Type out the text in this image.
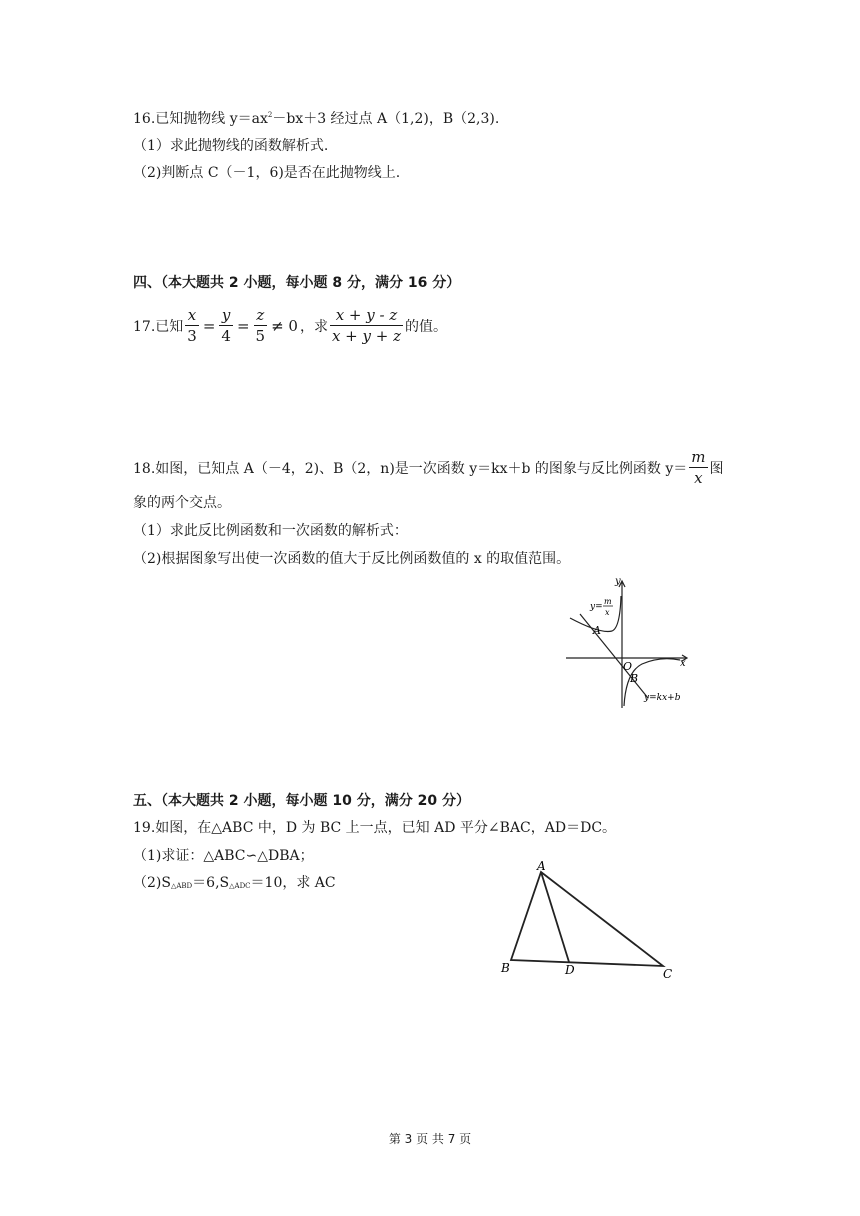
16.已知抛物线 $y=ax^2-bx+3$ 经过点 A（1,2)，B（2,3).
（1）求此抛物线的函数解析式.
（2)判断点 C（－1，6)是否在此抛物线上.
四、（本大题共 2 小题，每小题 8 分，满分 16 分）
17.已知 $\frac{x}{3} = \frac{y}{4} = \frac{z}{5} \ne 0$ ，求 $\frac{x + y - z}{x + y + z}$ 的值。
18.如图，已知点 A（－4，2)、B（2，n)是一次函数 y＝kx＋b 的图象与反比例函数 $y= \frac{m}{x}$ 图
象的两个交点。
（1）求此反比例函数和一次函数的解析式：
（2)根据图象写出使一次函数的值大于反比例函数值的 x 的取值范围。
y
x
O
A
B
y=
m
x
y=kx+b
五、（本大题共 2 小题，每小题 10 分，满分 20 分）
19.如图，在△ABC 中，D 为 BC 上一点，已知 AD 平分∠BAC，AD＝DC。
（1)求证：△ABC∽△DBA；
（2)S△ABD＝6,S△ADC＝10，求 AC
A
B	D	C
第 3 页 共 7 页
